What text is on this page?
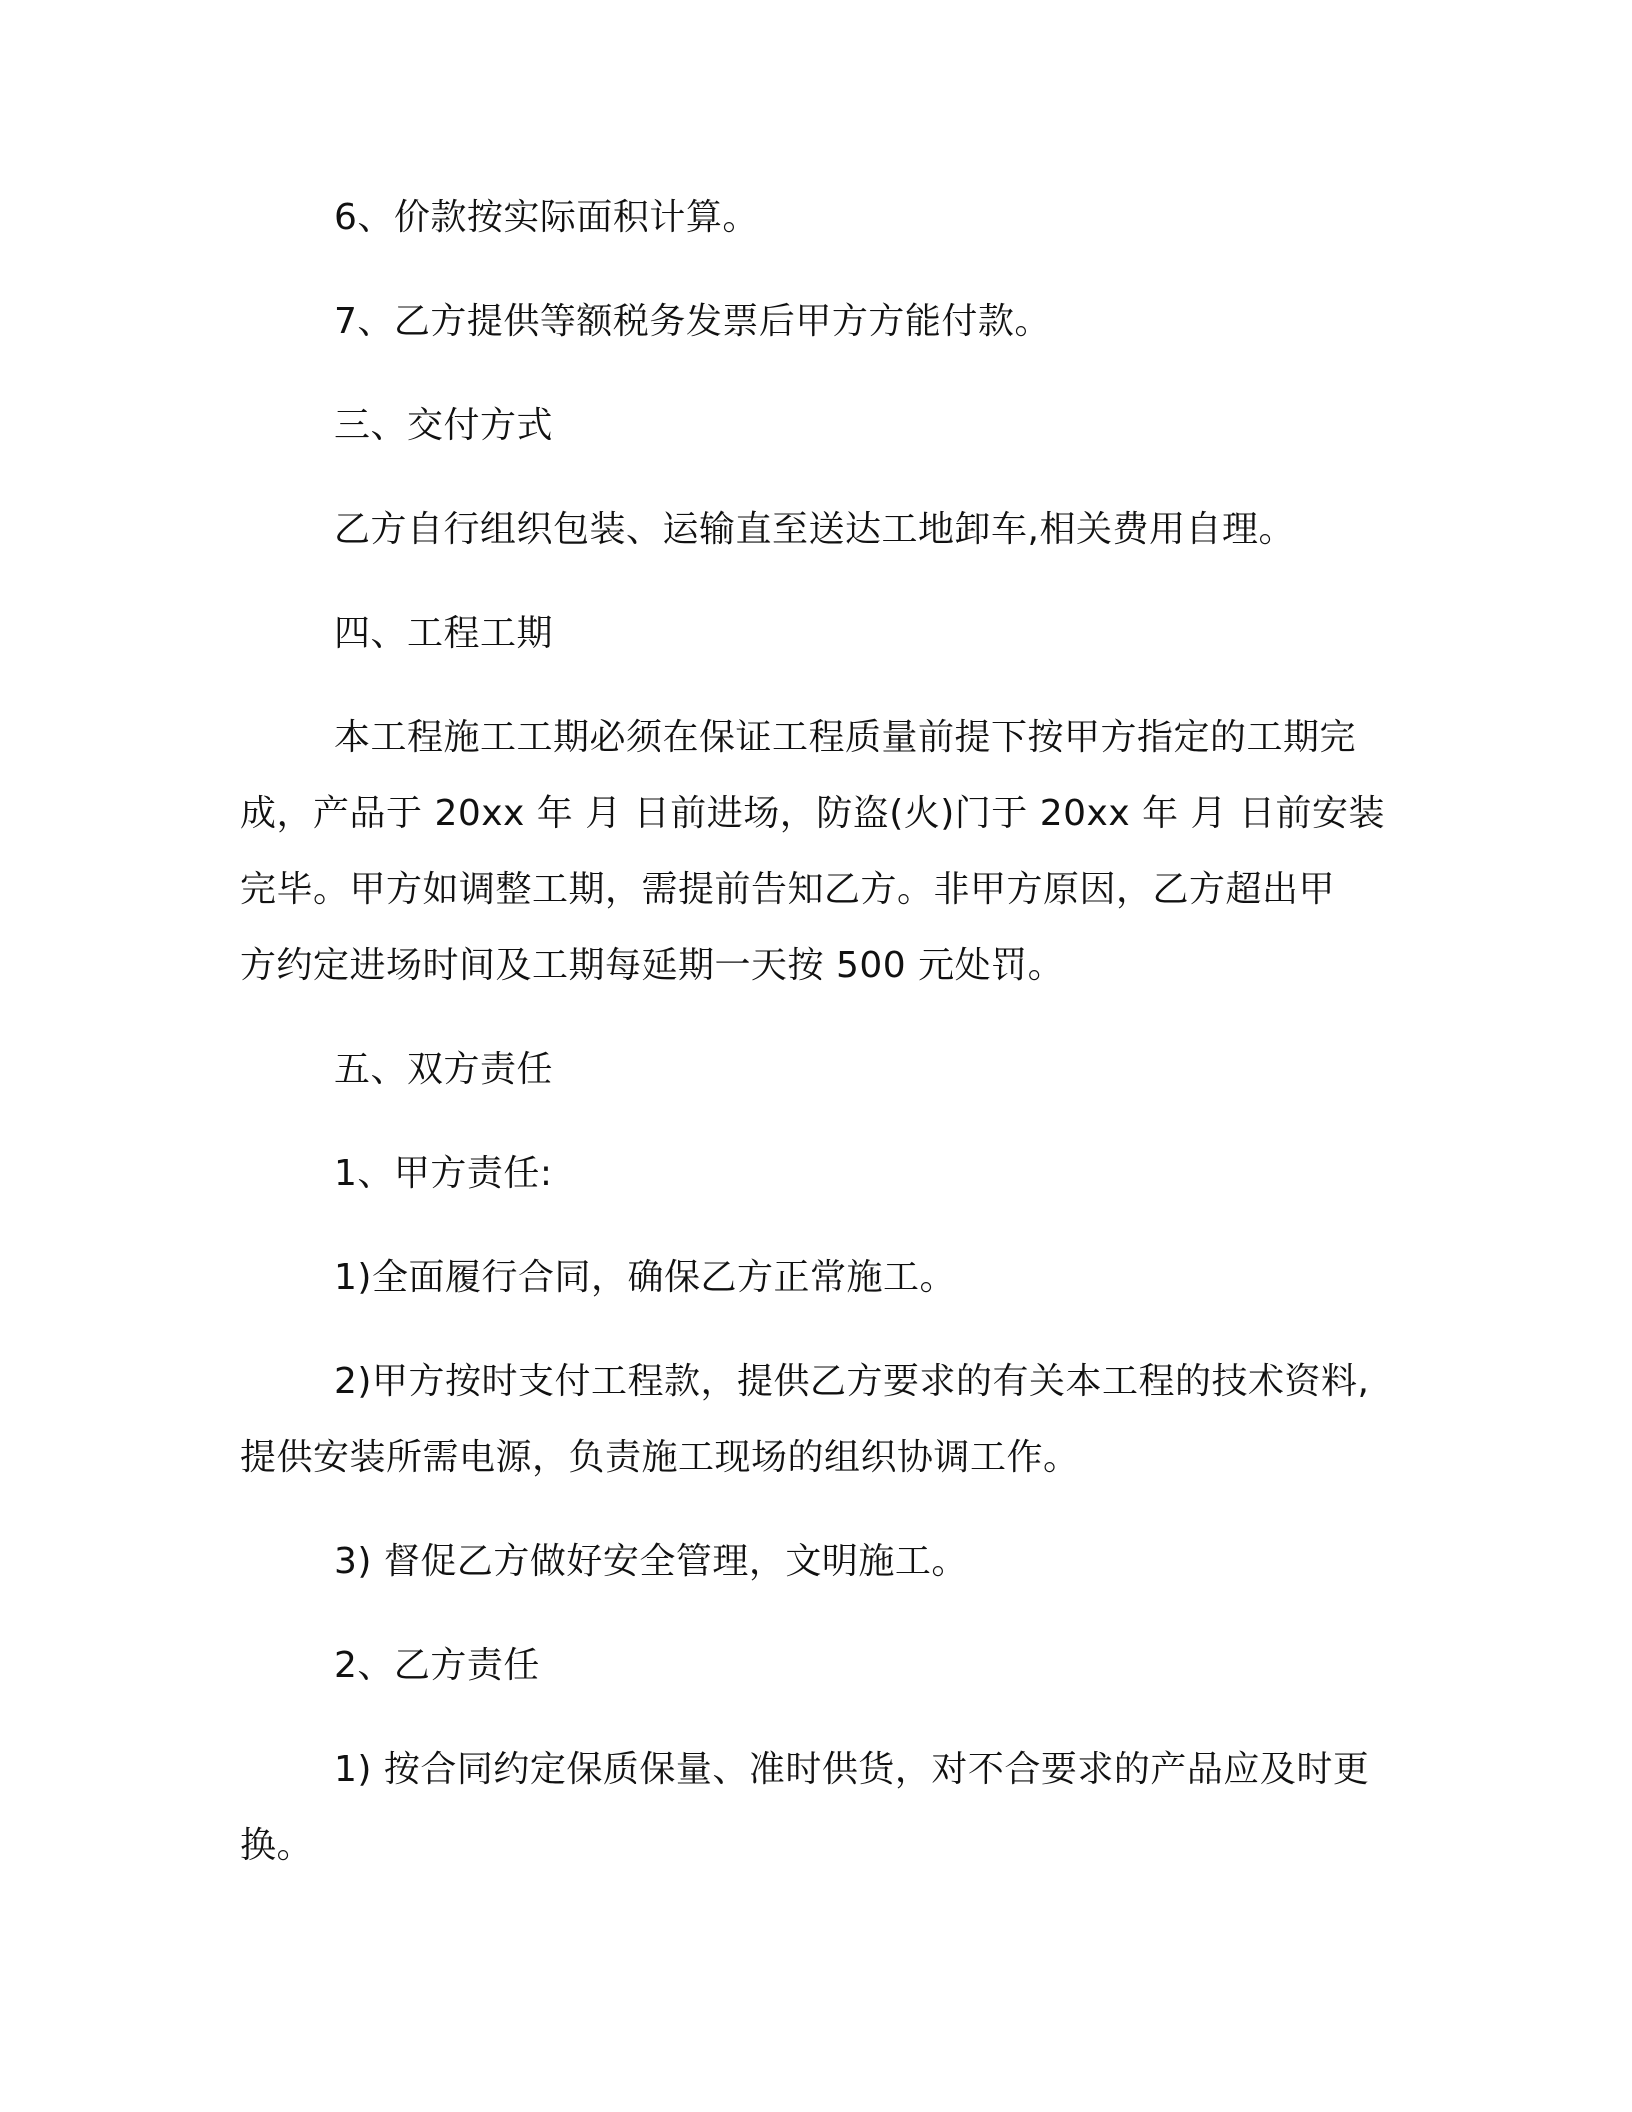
6、价款按实际面积计算。
7、乙方提供等额税务发票后甲方方能付款。
三、交付方式
乙方自行组织包装、运输直至送达工地卸车,相关费用自理。
四、工程工期
本工程施工工期必须在保证工程质量前提下按甲方指定的工期完
成，产品于 20xx 年 月 日前进场，防盗(火)门于 20xx 年 月 日前安装
完毕。甲方如调整工期，需提前告知乙方。非甲方原因，乙方超出甲
方约定进场时间及工期每延期一天按 500 元处罚。
五、双方责任
1、甲方责任:
1)全面履行合同，确保乙方正常施工。
2)甲方按时支付工程款，提供乙方要求的有关本工程的技术资料,
提供安装所需电源，负责施工现场的组织协调工作。
3) 督促乙方做好安全管理，文明施工。
2、乙方责任
1) 按合同约定保质保量、准时供货，对不合要求的产品应及时更
换。
